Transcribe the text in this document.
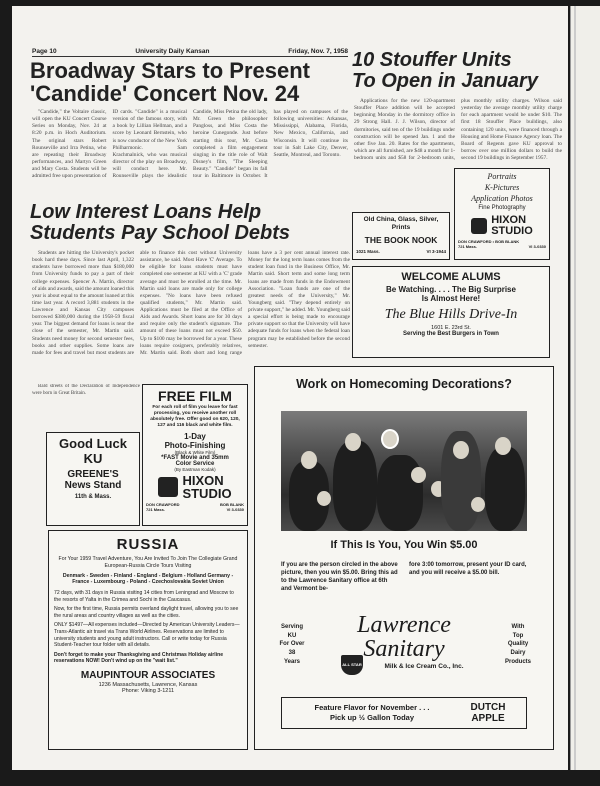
Page 10	University Daily Kansan	Friday, Nov. 7, 1958
Broadway Stars to Present
'Candide' Concert Nov. 24

"Candide," the Voltaire classic, will open the KU Concert Course Series on Monday, Nov. 24 at 8:20 p.m. in Hoch Auditorium. The original stars Robert Rounseville and Irra Petina, who are repeating their Broadway performances, and Martyn Green and Mary Costa. Students will be admitted free upon presentation of ID cards. "Candide" is a musical version of the famous story, with a book by Lillian Hellman, and a score by Leonard Bernstein, who is now conductor of the New York Philharmonic. Sam Krachmalnick, who was musical director of the play on Broadway, will conduct here. Mr. Rounseville plays the idealistic Candide, Miss Petina the old lady, Mr. Green the philosopher Pangloss, and Miss Costa the heroine Cunegonde. Just before starting this tour, Mr. Costa completed a film engagement singing in the title role of Walt Disney's film, "The Sleeping Beauty." "Candide" began its fall tour in Baltimore in October. It has played on campuses of the following universities: Arkansas, Mississippi, Alabama, Florida, New Mexico, California, and Wisconsin. It will continue its tour in Salt Lake City, Denver, Seattle, Montreal, and Toronto.

10 Stouffer Units
To Open in January

Applications for the new 120-apartment Stouffer Place addition will be accepted beginning Monday in the dormitory office in 29 Strong Hall. J. J. Wilson, director of dormitories, said ten of the 19 buildings under construction will be opened Jan. 1 and the other five Jan. 20. Rates for the apartments, which are all furnished, are $48 a month for 1-bedroom units and $58 for 2-bedroom units, plus monthly utility charges. Wilson said yesterday the average monthly utility charge for each apartment would be under $10. The first 18 Stouffer Place buildings, also containing 120 units, were financed through a Housing and Home Finance Agency loan. The Board of Regents gave KU approval to borrow over one million dollars to build the second 19 buildings in September 1957.

Portraits
K-Pictures
Application Photos
Fine Photography
HIXON
STUDIO
DON CRAWFORD • BOB BLANK
721 Mass.	VI 3-0330
Old China, Glass, Silver,
Prints
THE BOOK NOOK
1021 Mass.	VI 3-1944
Low Interest Loans Help
Students Pay School Debts

Students are hitting the University's pocket book hard these days. Since last April, 1,322 students have borrowed more than $180,000 from University funds to pay a part of their college expenses. Spencer A. Martin, director of aids and awards, said the amount loaned this year is about equal to the amount loaned at this time last year. A record 3,881 students in the Lawrence and Kansas City campuses borrowed $380,000 during the 1958-59 fiscal year. The biggest demand for loans is near the close of the semester, Mr. Martin said. Students need money for second semester fees, books and other supplies. Some loans are made for fees and travel but most students are able to finance this cost without University assistance, he said. Most Have 'C' Average. To be eligible for loans students must have completed one semester at KU with a 'C' grade average and must be enrolled at the time. Mr. Martin said loans are made only for college expenses. "No loans have been refused qualified students," Mr. Martin said. Applications must be filed at the Office of Aids and Awards. Short loans are for 30 days and require only the student's signature. The amount of these loans must not exceed $50. Up to $100 may be borrowed for a year. These loans require cosigners, preferably relatives, Mr. Martin said. Both short and long range loans have a 3 per cent annual interest rate. Money for the long term loans comes from the student loan fund in the Business Office, Mr. Martin said. Short term and some long term loans are made from funds in the Endowment Association. "Loan funds are one of the greatest needs of the University," Mr. Youngberg said. "They depend entirely on private support," he added. Mr. Youngberg said a special effort is being made to encourage private support so that the University will have adequate funds for loans when the federal loan program may be established before the second semester.

WELCOME ALUMS
Be Watching. . . . The Big Surprise
Is Almost Here!
The Blue Hills Drive-In
1601 E. 23rd St.
Serving the Best Burgers in Town

Bald streets of the Declaration of Independence were born in Great Britain.	FREE FILM
For each roll of film you leave for fast processing, you receive another roll absolutely free. Offer good on 620, 120, 127 and 116 black and white film.
1-Day
Photo-Finishing
(Black & White Film)
*FAST Movie and 35mm
Color Service
(By Eastman Kodak)
HIXON
STUDIO
DON CRAWFORD	BOB BLANK
721 Mass.	VI 3-0330
Good Luck
KU
GREENE'S
News Stand
11th & Mass.
RUSSIA
For Your 1959 Travel Adventure, You Are Invited To Join The Collegiate Grand European-Russia Circle Tours Visiting
Denmark - Sweden - Finland - England - Belgium - Holland Germany - France - Luxembourg - Poland - Czechoslovakia Soviet Union
72 days, with 31 days in Russia visiting 14 cities from Leningrad and Moscow to the resorts of Yalta in the Crimea and Sochi in the Caucasus.
Now, for the first time, Russia permits overland daylight travel, allowing you to see the rural areas and country villages as well as the cities.
ONLY $1497—All expenses included—Directed by American University Leaders—Trans-Atlantic air travel via Trans World Airlines. Reservations are limited to university students and young adult instructors. Call or write today for Russia Student-Teacher tour folder with all details.
Don't forget to make your Thanksgiving and Christmas Holiday airline reservations NOW! Don't wind up on the "wait list."
MAUPINTOUR ASSOCIATES
1236 Massachusetts, Lawrence, Kansas
Phone: Viking 3-1211
Work on Homecoming Decorations?
If This Is You, You Win $5.00
If you are the person circled in the above picture, then you win $5.00. Bring this ad to the Lawrence Sanitary office at 6th and Vermont be-
fore 3:00 tomorrow, present your ID card, and you will receive a $5.00 bill.
Serving
KU
For Over
38
Years
Lawrence
Sanitary
Milk & Ice Cream Co., Inc.
ALL STAR
With
Top
Quality
Dairy
Products
Feature Flavor for November . . .
Pick up ½ Gallon Today
DUTCH
APPLE
